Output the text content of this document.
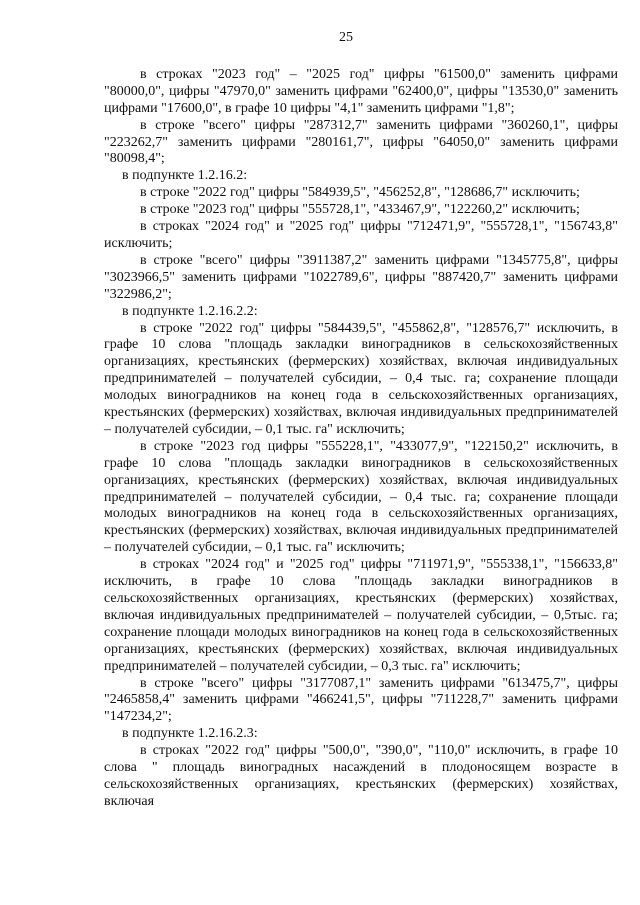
25

в строках "2023 год" – "2025 год" цифры "61500,0" заменить цифрами "80000,0", цифры "47970,0" заменить цифрами "62400,0", цифры "13530,0" заменить цифрами "17600,0", в графе 10 цифры "4,1" заменить цифрами "1,8";

в строке "всего" цифры "287312,7" заменить цифрами "360260,1", цифры "223262,7" заменить цифрами "280161,7", цифры "64050,0" заменить цифрами "80098,4";

в подпункте 1.2.16.2:

в строке "2022 год" цифры "584939,5", "456252,8", "128686,7" исключить;

в строке "2023 год" цифры "555728,1", "433467,9", "122260,2" исключить;

в строках "2024 год" и "2025 год" цифры "712471,9", "555728,1", "156743,8" исключить;

в строке "всего" цифры "3911387,2" заменить цифрами "1345775,8", цифры "3023966,5" заменить цифрами "1022789,6", цифры "887420,7" заменить цифрами "322986,2";

в подпункте 1.2.16.2.2:

в строке "2022 год" цифры "584439,5", "455862,8", "128576,7" исключить, в графе 10 слова "площадь закладки виноградников в сельскохозяйственных организациях, крестьянских (фермерских) хозяйствах, включая индивидуальных предпринимателей – получателей субсидии, – 0,4 тыс. га; сохранение площади молодых виноградников на конец года в сельскохозяйственных организациях, крестьянских (фермерских) хозяйствах, включая индивидуальных предпринимателей – получателей субсидии, – 0,1 тыс. га" исключить;

в строке "2023 год цифры "555228,1", "433077,9", "122150,2" исключить, в графе 10 слова "площадь закладки виноградников в сельскохозяйственных организациях, крестьянских (фермерских) хозяйствах, включая индивидуальных предпринимателей – получателей субсидии, – 0,4 тыс. га; сохранение площади молодых виноградников на конец года в сельскохозяйственных организациях, крестьянских (фермерских) хозяйствах, включая индивидуальных предпринимателей – получателей субсидии, – 0,1 тыс. га" исключить;

в строках "2024 год" и "2025 год" цифры "711971,9", "555338,1", "156633,8" исключить, в графе 10 слова "площадь закладки виноградников в сельскохозяйственных организациях, крестьянских (фермерских) хозяйствах, включая индивидуальных предпринимателей – получателей субсидии, – 0,5тыс. га; сохранение площади молодых виноградников на конец года в сельскохозяйственных организациях, крестьянских (фермерских) хозяйствах, включая индивидуальных предпринимателей – получателей субсидии, – 0,3 тыс. га" исключить;

в строке "всего" цифры "3177087,1" заменить цифрами "613475,7", цифры "2465858,4" заменить цифрами "466241,5", цифры "711228,7" заменить цифрами "147234,2";

в подпункте 1.2.16.2.3:

в строках "2022 год" цифры "500,0", "390,0", "110,0" исключить, в графе 10 слова " площадь виноградных насаждений в плодоносящем возрасте в сельскохозяйственных организациях, крестьянских (фермерских) хозяйствах, включая
